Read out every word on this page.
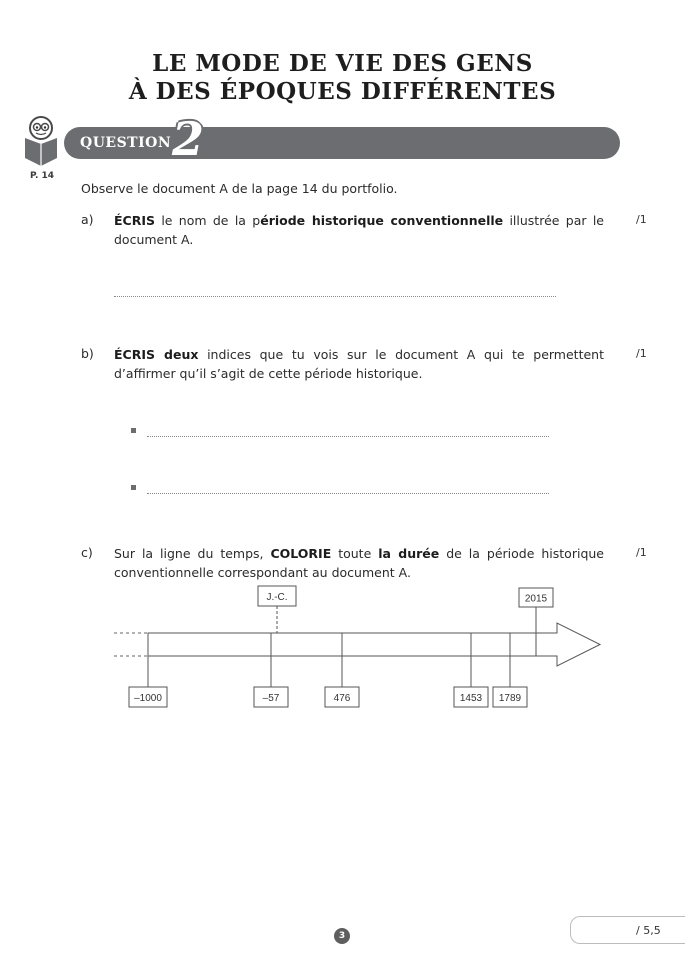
LE MODE DE VIE DES GENS
À DES ÉPOQUES DIFFÉRENTES
P. 14
QUESTION 2
Observe le document A de la page 14 du portfolio.
a) ÉCRIS le nom de la période historique conventionnelle illustrée par le document A.
/1
b) ÉCRIS deux indices que tu vois sur le document A qui te permettent d’affirmer qu’il s’agit de cette période historique.
/1
c) Sur la ligne du temps, COLORIE toute la durée de la période historique conventionnelle correspondant au document A.
/1
J.-C.	2015
–1000	–57	476	1453 1789
3	/ 5,5
